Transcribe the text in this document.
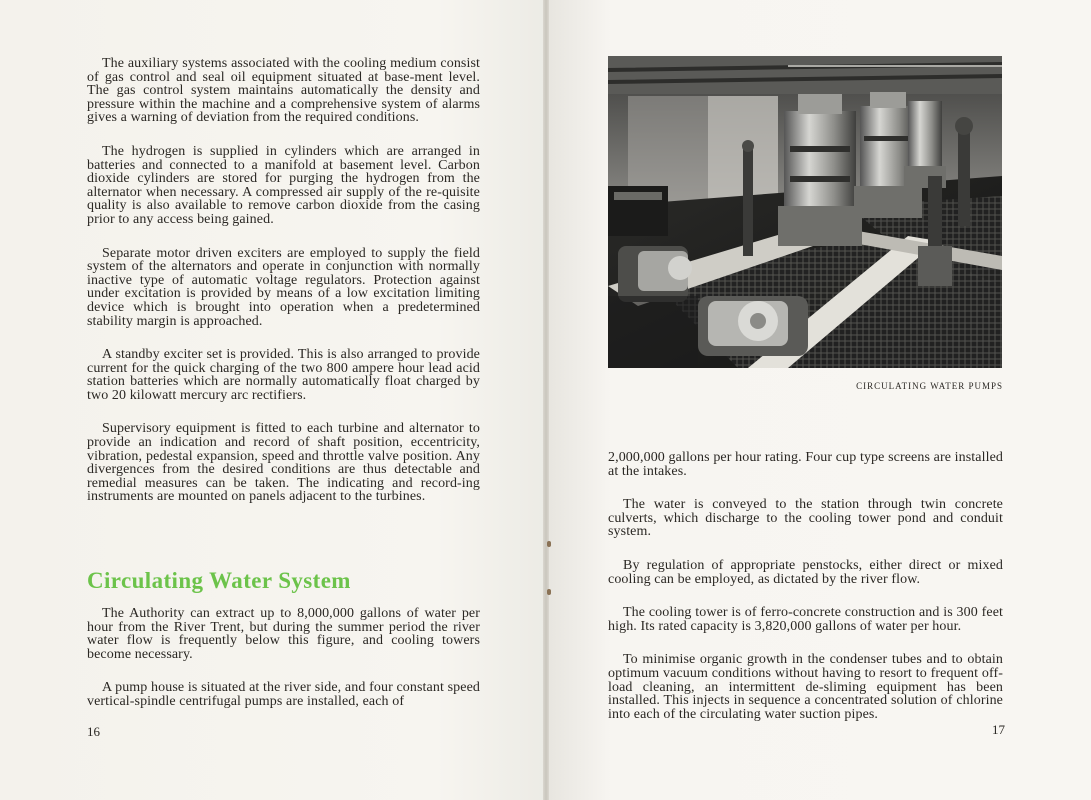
The auxiliary systems associated with the cooling medium consist of gas control and seal oil equipment situated at base-ment level. The gas control system maintains automatically the density and pressure within the machine and a comprehensive system of alarms gives a warning of deviation from the required conditions.

The hydrogen is supplied in cylinders which are arranged in batteries and connected to a manifold at basement level. Carbon dioxide cylinders are stored for purging the hydrogen from the alternator when necessary. A compressed air supply of the re-quisite quality is also available to remove carbon dioxide from the casing prior to any access being gained.

Separate motor driven exciters are employed to supply the field system of the alternators and operate in conjunction with normally inactive type of automatic voltage regulators. Protection against under excitation is provided by means of a low excitation limiting device which is brought into operation when a predetermined stability margin is approached.

A standby exciter set is provided. This is also arranged to provide current for the quick charging of the two 800 ampere hour lead acid station batteries which are normally automatically float charged by two 20 kilowatt mercury arc rectifiers.

Supervisory equipment is fitted to each turbine and alternator to provide an indication and record of shaft position, eccentricity, vibration, pedestal expansion, speed and throttle valve position. Any divergences from the desired conditions are thus detectable and remedial measures can be taken. The indicating and record-ing instruments are mounted on panels adjacent to the turbines.

Circulating Water System

The Authority can extract up to 8,000,000 gallons of water per hour from the River Trent, but during the summer period the river water flow is frequently below this figure, and cooling towers become necessary.

A pump house is situated at the river side, and four constant speed vertical-spindle centrifugal pumps are installed, each of

16

2,000,000 gallons per hour rating. Four cup type screens are installed at the intakes.

The water is conveyed to the station through twin concrete culverts, which discharge to the cooling tower pond and conduit system.

By regulation of appropriate penstocks, either direct or mixed cooling can be employed, as dictated by the river flow.

The cooling tower is of ferro-concrete construction and is 300 feet high. Its rated capacity is 3,820,000 gallons of water per hour.

To minimise organic growth in the condenser tubes and to obtain optimum vacuum conditions without having to resort to frequent off-load cleaning, an intermittent de-sliming equipment has been installed. This injects in sequence a concentrated solution of chlorine into each of the circulating water suction pipes.

17
CIRCULATING WATER PUMPS
